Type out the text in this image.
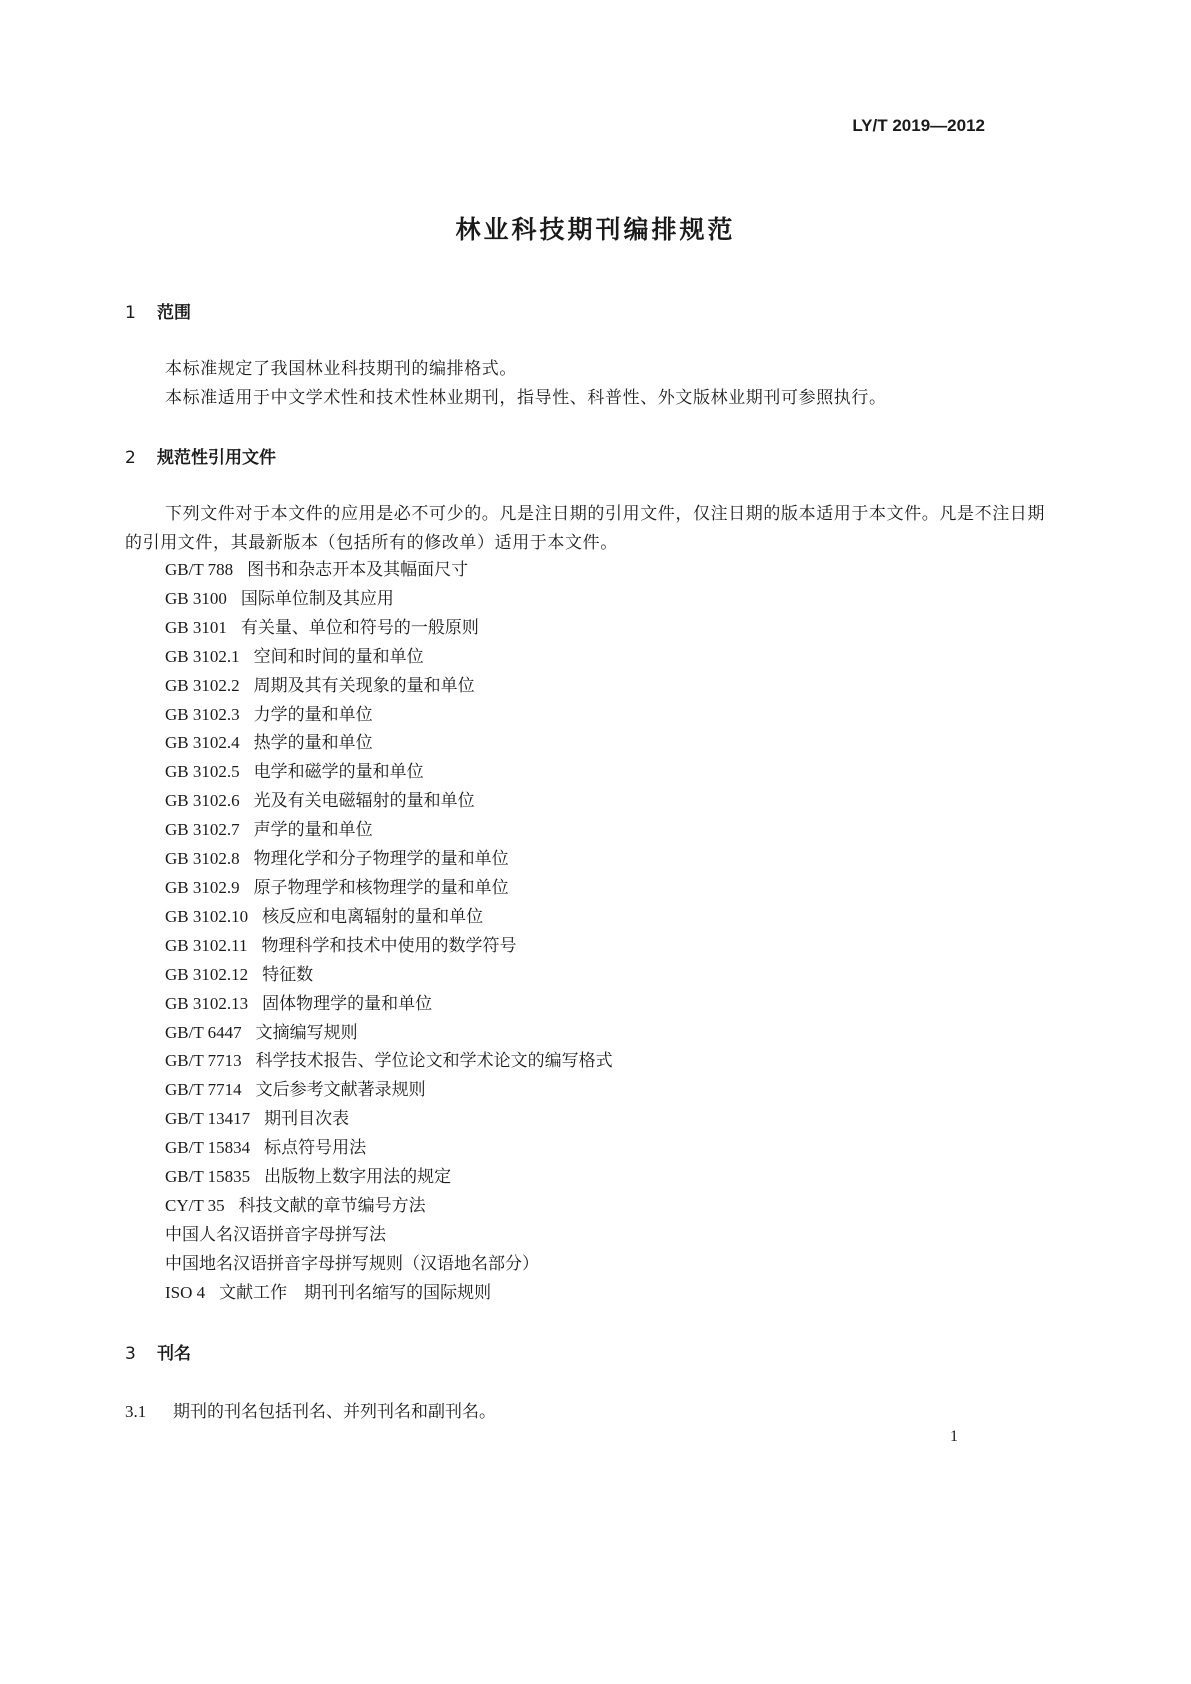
LY/T 2019—2012
林业科技期刊编排规范
1 范围
本标准规定了我国林业科技期刊的编排格式。
本标准适用于中文学术性和技术性林业期刊，指导性、科普性、外文版林业期刊可参照执行。
2 规范性引用文件
下列文件对于本文件的应用是必不可少的。凡是注日期的引用文件，仅注日期的版本适用于本文件。凡是不注日期的引用文件，其最新版本（包括所有的修改单）适用于本文件。
GB/T 788 图书和杂志开本及其幅面尺寸
GB 3100 国际单位制及其应用
GB 3101 有关量、单位和符号的一般原则
GB 3102.1 空间和时间的量和单位
GB 3102.2 周期及其有关现象的量和单位
GB 3102.3 力学的量和单位
GB 3102.4 热学的量和单位
GB 3102.5 电学和磁学的量和单位
GB 3102.6 光及有关电磁辐射的量和单位
GB 3102.7 声学的量和单位
GB 3102.8 物理化学和分子物理学的量和单位
GB 3102.9 原子物理学和核物理学的量和单位
GB 3102.10 核反应和电离辐射的量和单位
GB 3102.11 物理科学和技术中使用的数学符号
GB 3102.12 特征数
GB 3102.13 固体物理学的量和单位
GB/T 6447 文摘编写规则
GB/T 7713 科学技术报告、学位论文和学术论文的编写格式
GB/T 7714 文后参考文献著录规则
GB/T 13417 期刊目次表
GB/T 15834 标点符号用法
GB/T 15835 出版物上数字用法的规定
CY/T 35 科技文献的章节编号方法
中国人名汉语拼音字母拼写法
中国地名汉语拼音字母拼写规则（汉语地名部分）
ISO 4 文献工作　期刊刊名缩写的国际规则
3 刊名
3.1 期刊的刊名包括刊名、并列刊名和副刊名。
1
